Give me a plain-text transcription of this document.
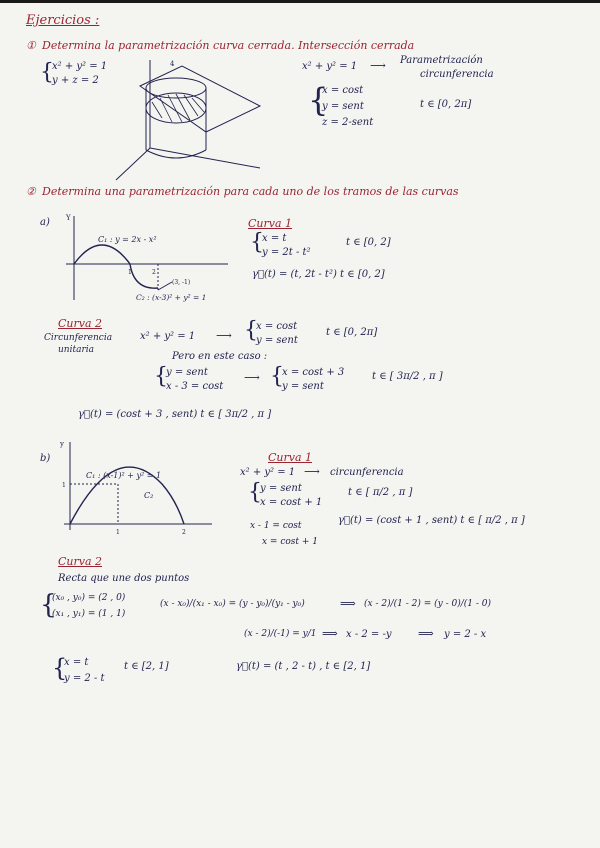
Ejercicios :
① Determina la parametrización curva cerrada. Intersección cerrada
{
x² + y² = 1
y + z = 2
4	x² + y² = 1 ⟶ Parametrización
circunferencia
{
x = cost
y = sent
z = 2-sent
t ∈ [0, 2π]
② Determina una parametrización para cada uno de los tramos de las curvas
a) Y
C₁ : y = 2x - x²
1	2
(3, -1)
C₂ : (x-3)² + y² = 1
Curva 1
{
x = t
y = 2t - t²
t ∈ [0, 2]
γ⃗(t) = (t, 2t - t²) t ∈ [0, 2]
Curva 2
Circunferencia
unitaria
x² + y² = 1 ⟶ {
x = cost
y = sent
t ∈ [0, 2π]
Pero en este caso :
{
y = sent
x - 3 = cost
⟶ {
x = cost + 3
y = sent
t ∈ [ 3π/2 , π ]
γ⃗(t) = (cost + 3 , sent) t ∈ [ 3π/2 , π ]
b)
y
C₁ : (x-1)² + y² = 1
C₂
1
1	2
Curva 1
x² + y² = 1 ⟶ circunferencia
{
y = sent
x = cost + 1
t ∈ [ π/2 , π ]
x - 1 = cost
x = cost + 1
γ⃗(t) = (cost + 1 , sent) t ∈ [ π/2 , π ]
Curva 2
Recta que une dos puntos
{
(x₀ , y₀) = (2 , 0)
(x₁ , y₁) = (1 , 1)
(x - x₀)/(x₁ - x₀) = (y - y₀)/(y₁ - y₀)	⟹ (x - 2)/(1 - 2) = (y - 0)/(1 - 0)
(x - 2)/(-1) = y/1 ⟹ x - 2 = -y ⟹ y = 2 - x
{
x = t
y = 2 - t
t ∈ [2, 1]	γ⃗(t) = (t , 2 - t) , t ∈ [2, 1]
